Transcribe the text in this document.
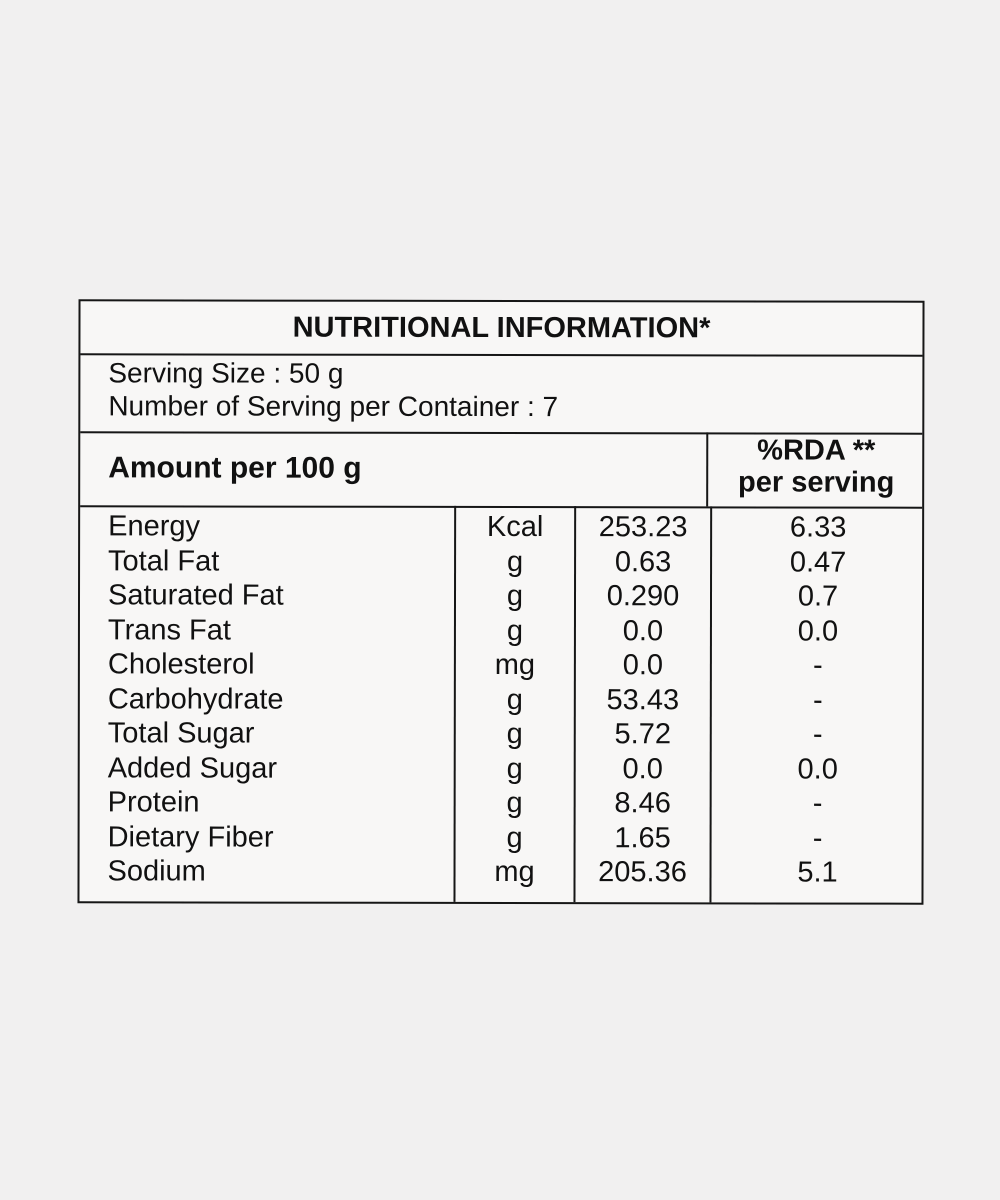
NUTRITIONAL INFORMATION*
Serving Size : 50 g
Number of Serving per Container : 7
Amount per 100 g
%RDA **
per serving
Energy	Kcal	253.23	6.33
Total Fat	g	0.63	0.47
Saturated Fat	g	0.290	0.7
Trans Fat	g	0.0	0.0
Cholesterol	mg	0.0	-
Carbohydrate	g	53.43	-
Total Sugar	g	5.72	-
Added Sugar	g	0.0	0.0
Protein	g	8.46	-
Dietary Fiber	g	1.65	-
Sodium	mg	205.36	5.1
